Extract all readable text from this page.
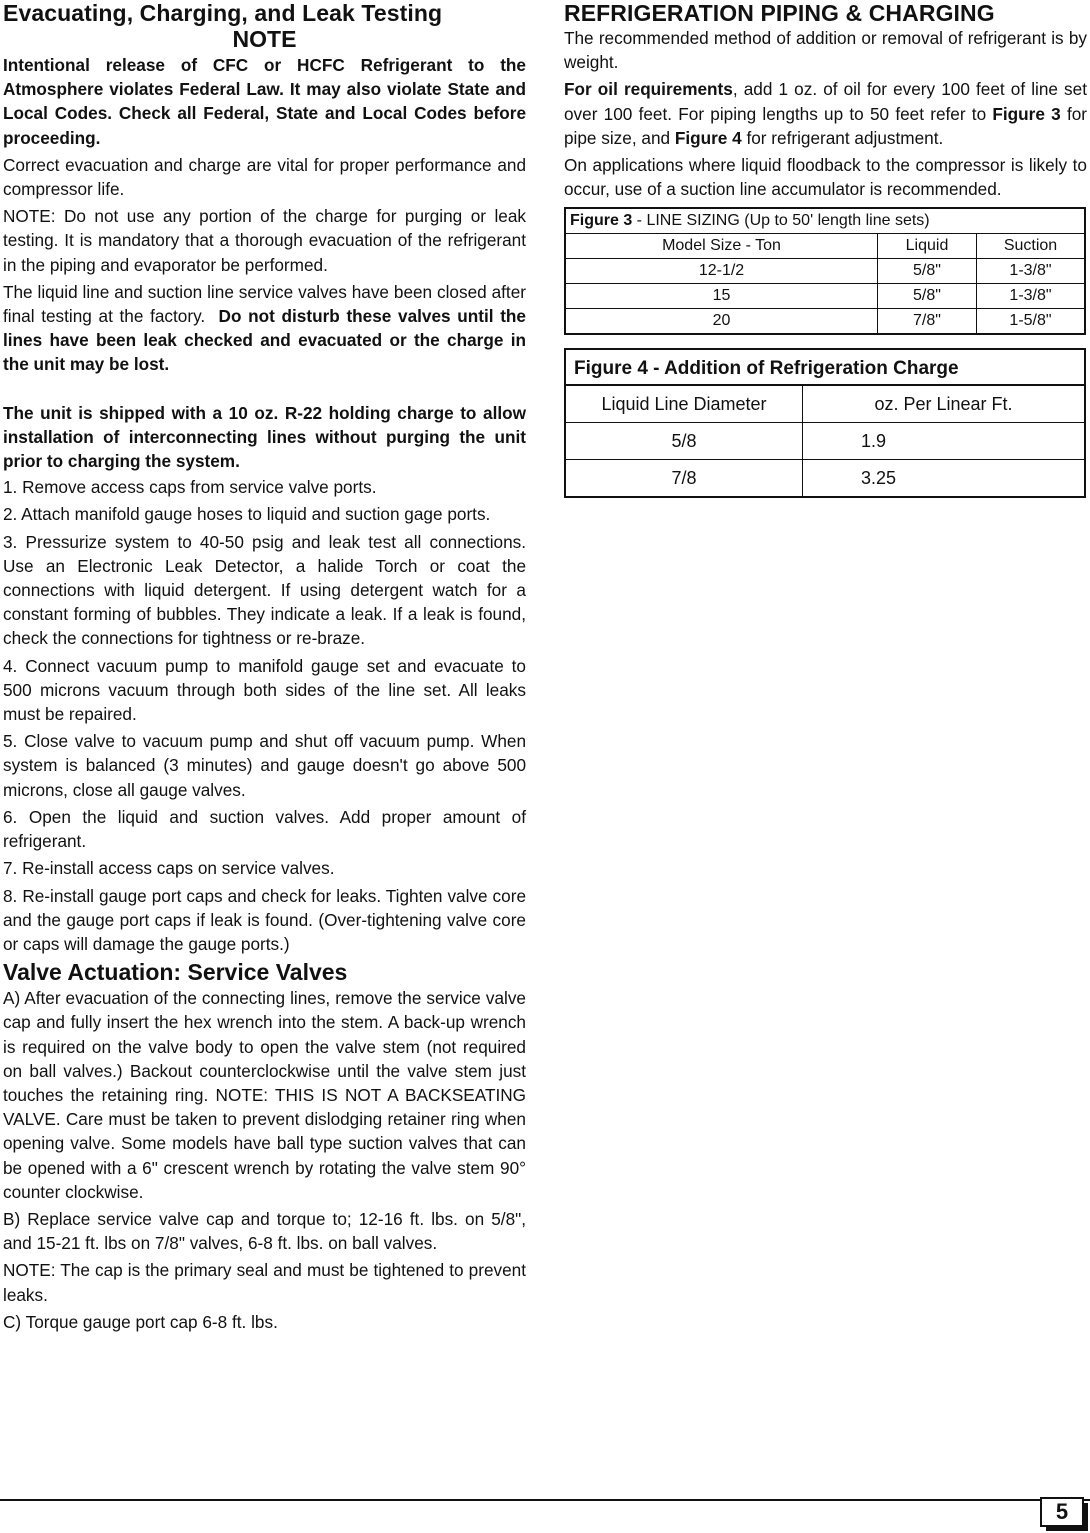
Evacuating, Charging, and Leak Testing
NOTE

Intentional release of CFC or HCFC Refrigerant to the Atmosphere violates Federal Law. It may also violate State and Local Codes. Check all Federal, State and Local Codes before proceeding.

Correct evacuation and charge are vital for proper performance and compressor life.

NOTE: Do not use any portion of the charge for purging or leak testing. It is mandatory that a thorough evacuation of the refrigerant in the piping and evaporator be performed.

The liquid line and suction line service valves have been closed after final testing at the factory. Do not disturb these valves until the lines have been leak checked and evacuated or the charge in the unit may be lost.

The unit is shipped with a 10 oz. R-22 holding charge to allow installation of interconnecting lines without purging the unit prior to charging the system.

1. Remove access caps from service valve ports.

2. Attach manifold gauge hoses to liquid and suction gage ports.

3. Pressurize system to 40-50 psig and leak test all connections. Use an Electronic Leak Detector, a halide Torch or coat the connections with liquid detergent. If using detergent watch for a constant forming of bubbles. They indicate a leak. If a leak is found, check the connections for tightness or re-braze.

4. Connect vacuum pump to manifold gauge set and evacuate to 500 microns vacuum through both sides of the line set. All leaks must be repaired.

5. Close valve to vacuum pump and shut off vacuum pump. When system is balanced (3 minutes) and gauge doesn't go above 500 microns, close all gauge valves.

6. Open the liquid and suction valves. Add proper amount of refrigerant.

7. Re-install access caps on service valves.

8. Re-install gauge port caps and check for leaks. Tighten valve core and the gauge port caps if leak is found. (Over-tightening valve core or caps will damage the gauge ports.)

Valve Actuation: Service Valves

A) After evacuation of the connecting lines, remove the service valve cap and fully insert the hex wrench into the stem. A back-up wrench is required on the valve body to open the valve stem (not required on ball valves.) Backout counterclockwise until the valve stem just touches the retaining ring. NOTE: THIS IS NOT A BACKSEATING VALVE. Care must be taken to prevent dislodging retainer ring when opening valve. Some models have ball type suction valves that can be opened with a 6" crescent wrench by rotating the valve stem 90° counter clockwise.

B) Replace service valve cap and torque to; 12-16 ft. lbs. on 5/8", and 15-21 ft. lbs on 7/8" valves, 6-8 ft. lbs. on ball valves.

NOTE: The cap is the primary seal and must be tightened to prevent leaks.

C) Torque gauge port cap 6-8 ft. lbs.

REFRIGERATION PIPING & CHARGING

The recommended method of addition or removal of refrigerant is by weight.

For oil requirements, add 1 oz. of oil for every 100 feet of line set over 100 feet. For piping lengths up to 50 feet refer to Figure 3 for pipe size, and Figure 4 for refrigerant adjustment.

On applications where liquid floodback to the compressor is likely to occur, use of a suction line accumulator is recommended.

Figure 3 - LINE SIZING (Up to 50' length line sets)		
Model Size - Ton	Liquid	Suction
12-1/2	5/8"	1-3/8"
15	5/8"	1-3/8"
20	7/8"	1-5/8"
Figure 4 - Addition of Refrigeration Charge	
Liquid Line Diameter	oz. Per Linear Ft.
5/8	1.9
7/8	3.25
5
